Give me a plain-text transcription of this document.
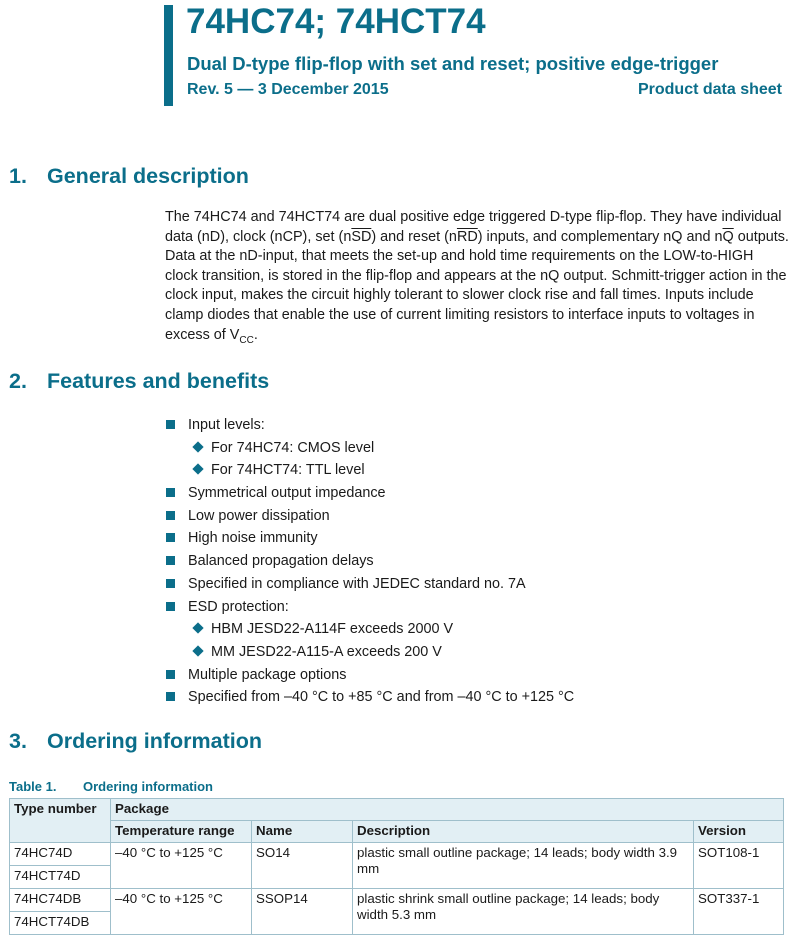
74HC74; 74HCT74
Dual D-type flip-flop with set and reset; positive edge-trigger
Rev. 5 — 3 December 2015	Product data sheet
1. General description

The 74HC74 and 74HCT74 are dual positive edge triggered D-type flip-flop. They have individual data (nD), clock (nCP), set $(n\overline{SD})$ and reset $(n\overline{RD})$ inputs, and complementary nQ and $n\overline{Q}$ outputs. Data at the nD-input, that meets the set-up and hold time requirements on the LOW-to-HIGH clock transition, is stored in the flip-flop and appears at the nQ output. Schmitt-trigger action in the clock input, makes the circuit highly tolerant to slower clock rise and fall times. Inputs include clamp diodes that enable the use of current limiting resistors to interface inputs to voltages in excess of $V_{CC}$.

2. Features and benefits
Input levels:
For 74HC74: CMOS level
For 74HCT74: TTL level
Symmetrical output impedance
Low power dissipation
High noise immunity
Balanced propagation delays
Specified in compliance with JEDEC standard no. 7A
ESD protection:
HBM JESD22-A114F exceeds 2000 V
MM JESD22-A115-A exceeds 200 V
Multiple package options
Specified from –40 °C to +85 °C and from –40 °C to +125 °C
3. Ordering information
Table 1. Ordering information
Type number	Package			
	Temperature range	Name	Description	Version
74HC74D	–40 °C to +125 °C	SO14	plastic small outline package; 14 leads; body width 3.9 mm	SOT108-1
74HCT74D				
74HC74DB	–40 °C to +125 °C	SSOP14	plastic shrink small outline package; 14 leads; body width 5.3 mm	SOT337-1
74HCT74DB				
